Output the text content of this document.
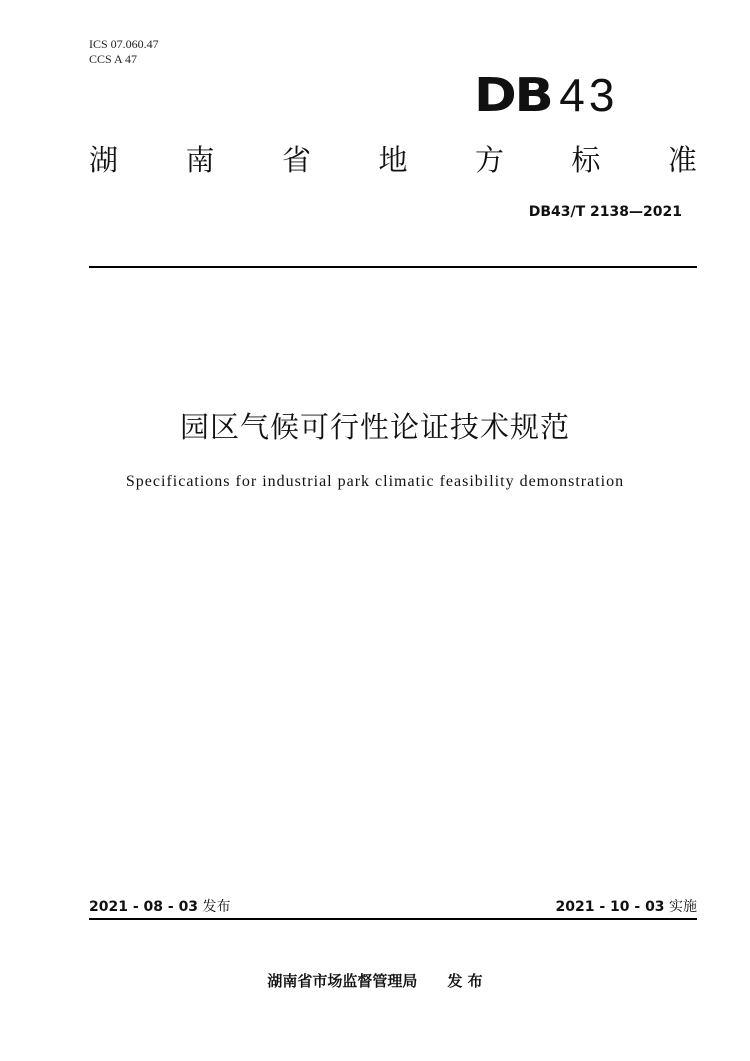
ICS 07.060.47
CCS A 47
DB 43
湖 南 省 地 方 标 准
DB43/T 2138—2021
园区气候可行性论证技术规范
Specifications for industrial park climatic feasibility demonstration
2021 - 08 - 03 发布	2021 - 10 - 03 实施
湖南省市场监督管理局 发 布
